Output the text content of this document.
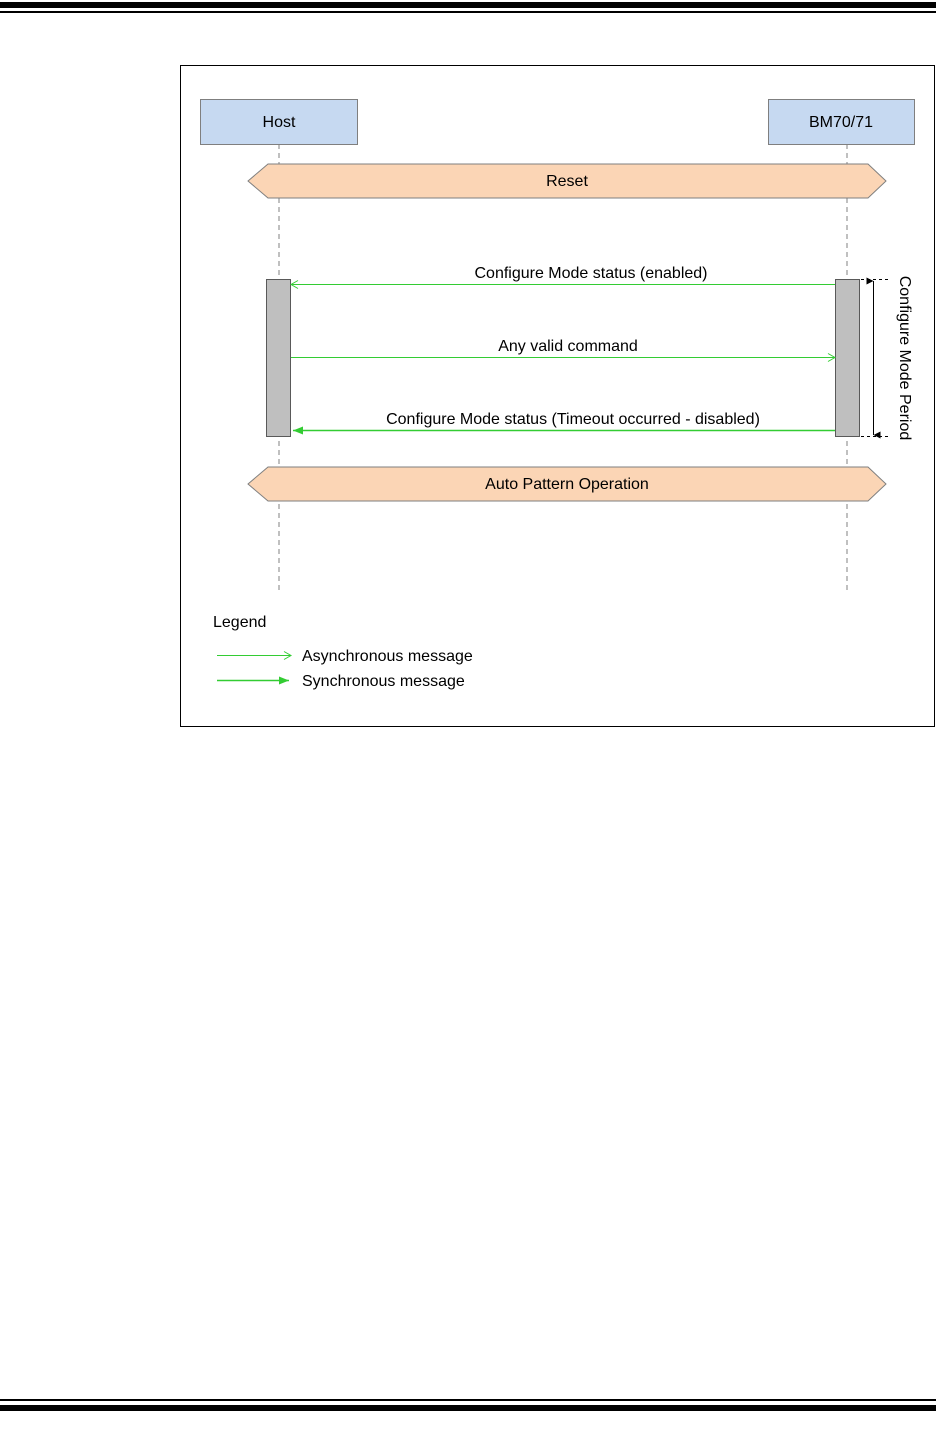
Host	BM70/71
Reset
Configure Mode status (enabled)
Any valid command
Configure Mode status (Timeout occurred - disabled)	Configure Mode Period
Auto Pattern Operation
Legend
Asynchronous message
Synchronous message
